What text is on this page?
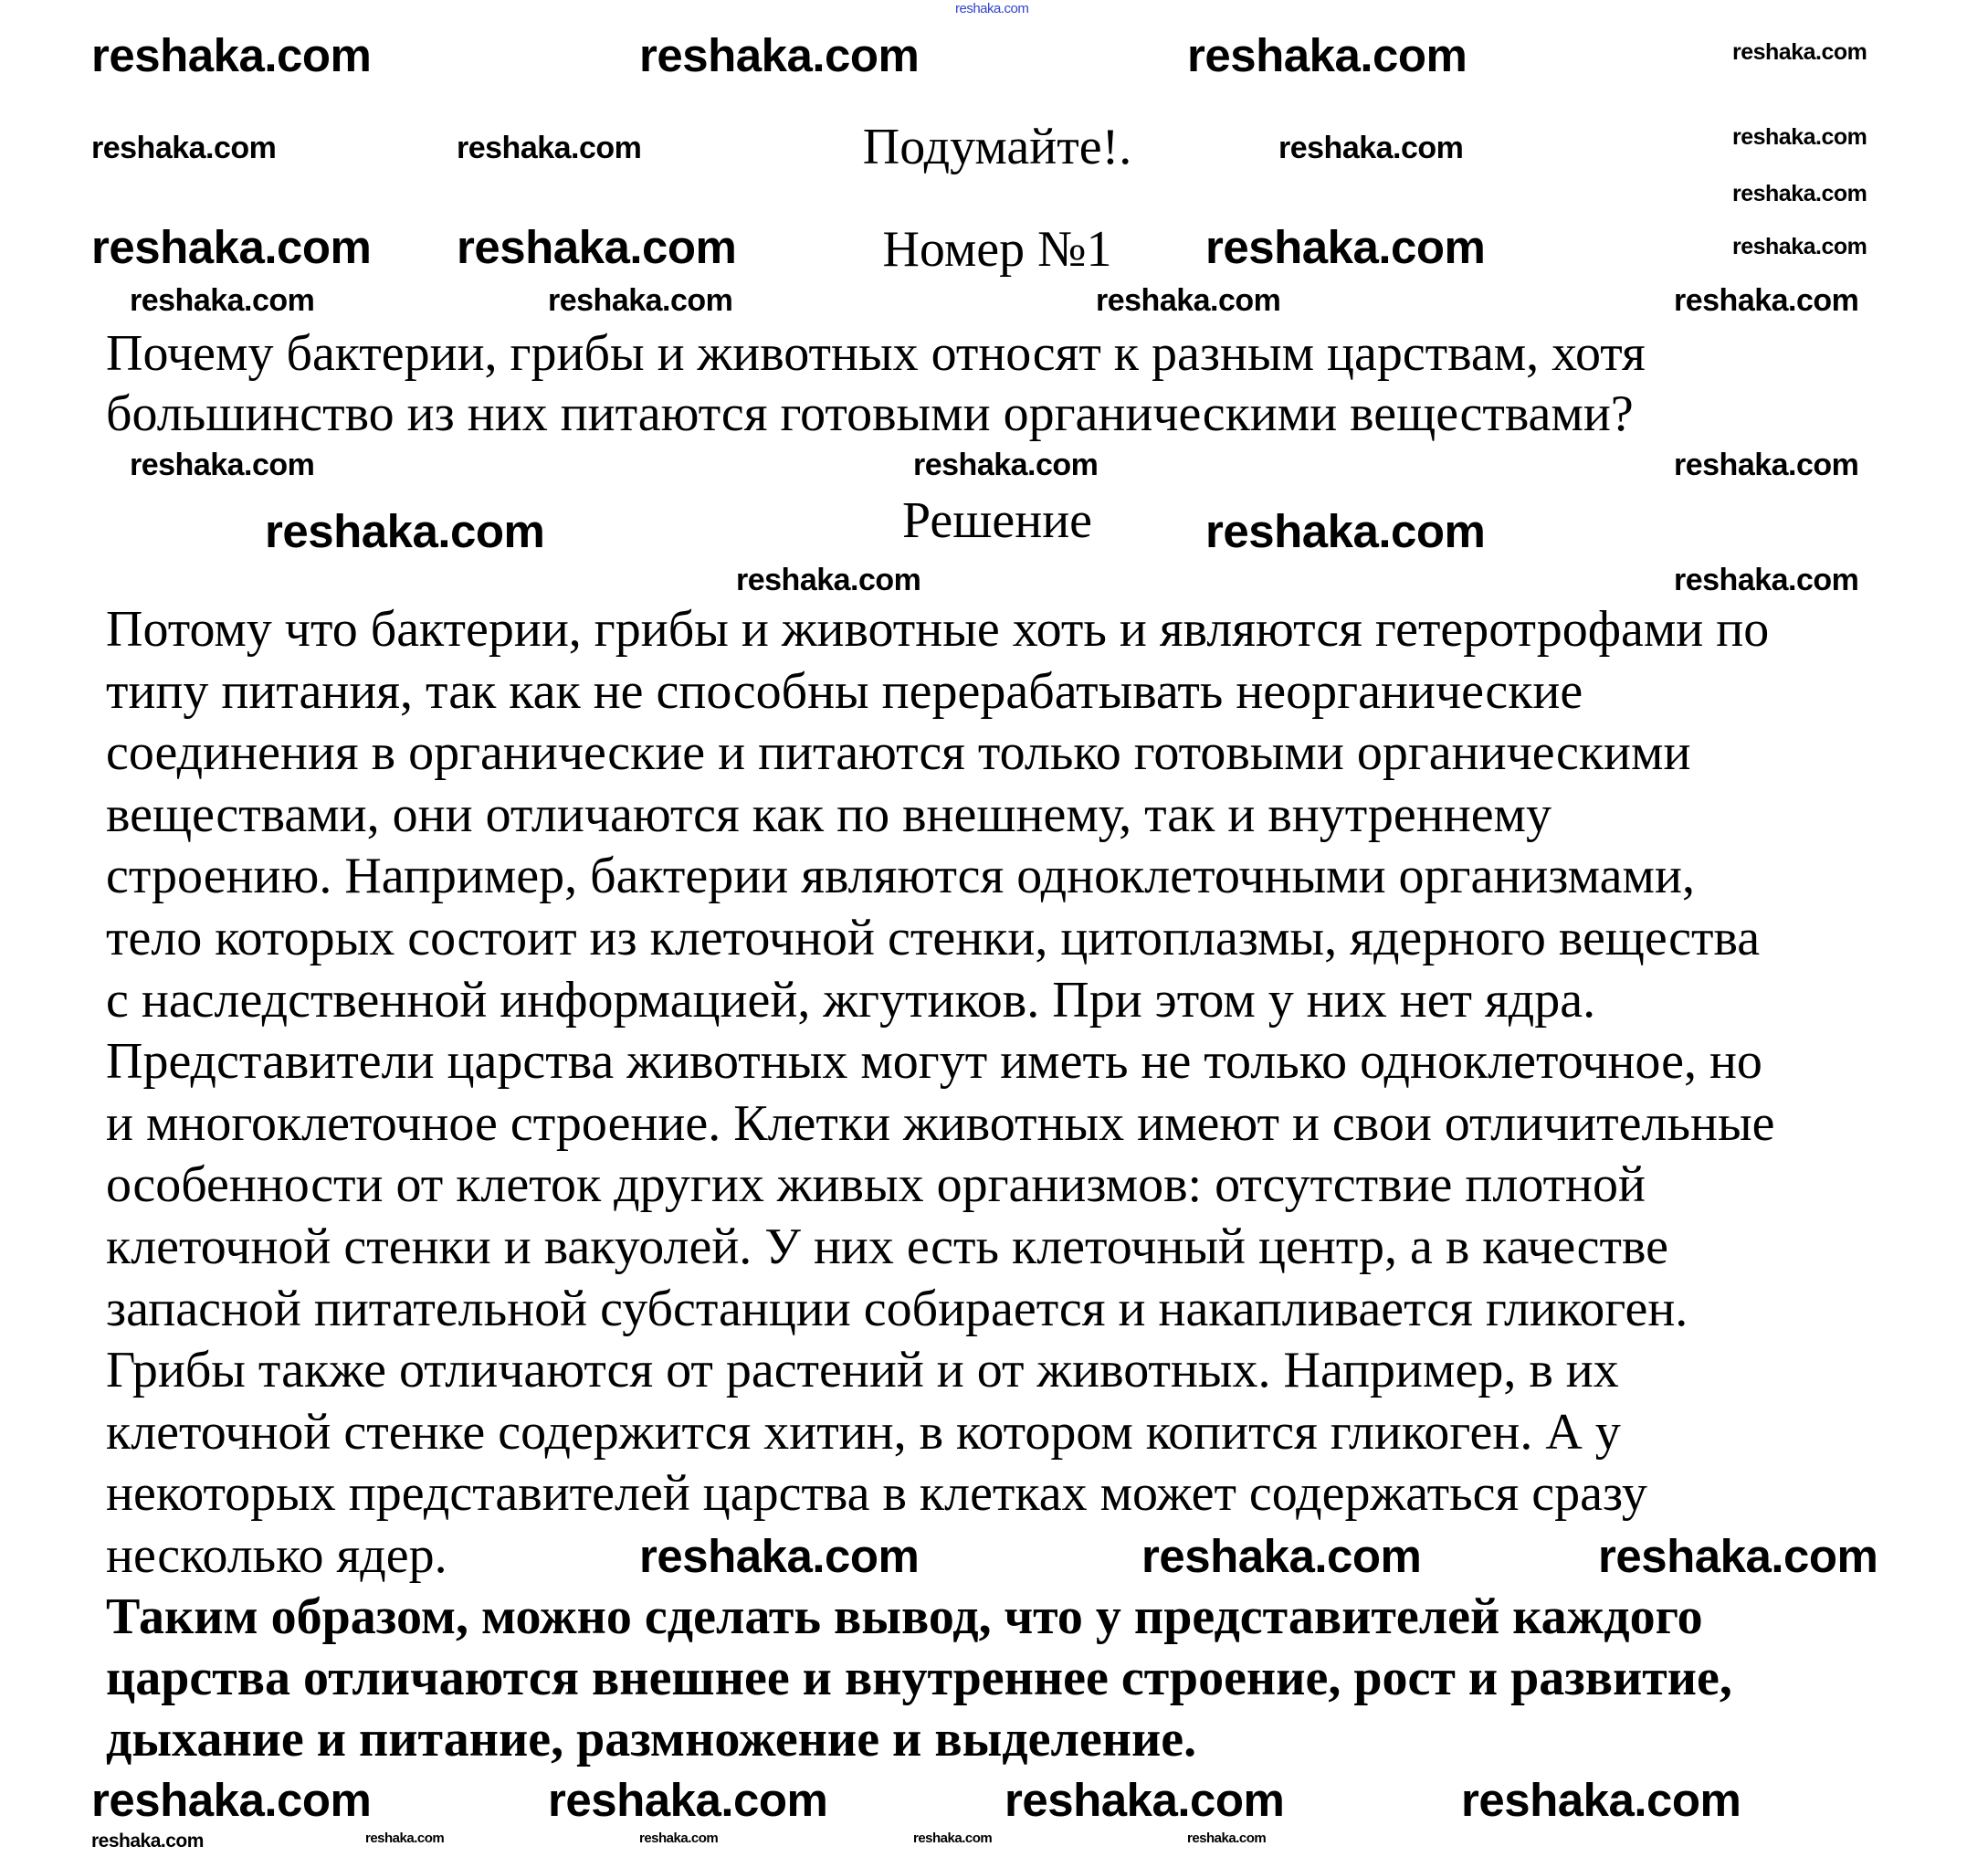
Подумайте!.
Номер №1
Почему бактерии, грибы и животных относят к разным царствам, хотя
большинство из них питаются готовыми органическими веществами?
Решение
Потому что бактерии, грибы и животные хоть и являются гетеротрофами по
типу питания, так как не способны перерабатывать неорганические
соединения в органические и питаются только готовыми органическими
веществами, они отличаются как по внешнему, так и внутреннему
строению. Например, бактерии являются одноклеточными организмами,
тело которых состоит из клеточной стенки, цитоплазмы, ядерного вещества
с наследственной информацией, жгутиков. При этом у них нет ядра.
Представители царства животных могут иметь не только одноклеточное, но
и многоклеточное строение. Клетки животных имеют и свои отличительные
особенности от клеток других живых организмов: отсутствие плотной
клеточной стенки и вакуолей. У них есть клеточный центр, а в качестве
запасной питательной субстанции собирается и накапливается гликоген.
Грибы также отличаются от растений и от животных. Например, в их
клеточной стенке содержится хитин, в котором копится гликоген. А у
некоторых представителей царства в клетках может содержаться сразу
несколько ядер.
Таким образом, можно сделать вывод, что у представителей каждого
царства отличаются внешнее и внутреннее строение, рост и развитие,
дыхание и питание, размножение и выделение.
reshaka.com
reshaka.com	reshaka.com	reshaka.com	reshaka.com
reshaka.com	reshaka.com	reshaka.com	reshaka.com
reshaka.com
reshaka.com reshaka.com	reshaka.com	reshaka.com
reshaka.com	reshaka.com	reshaka.com	reshaka.com
reshaka.com	reshaka.com	reshaka.com
reshaka.com	reshaka.com
reshaka.com	reshaka.com
reshaka.com	reshaka.com	reshaka.com
reshaka.com	reshaka.com	reshaka.com	reshaka.com
reshaka.com	reshaka.com	reshaka.com	reshaka.com	reshaka.com
